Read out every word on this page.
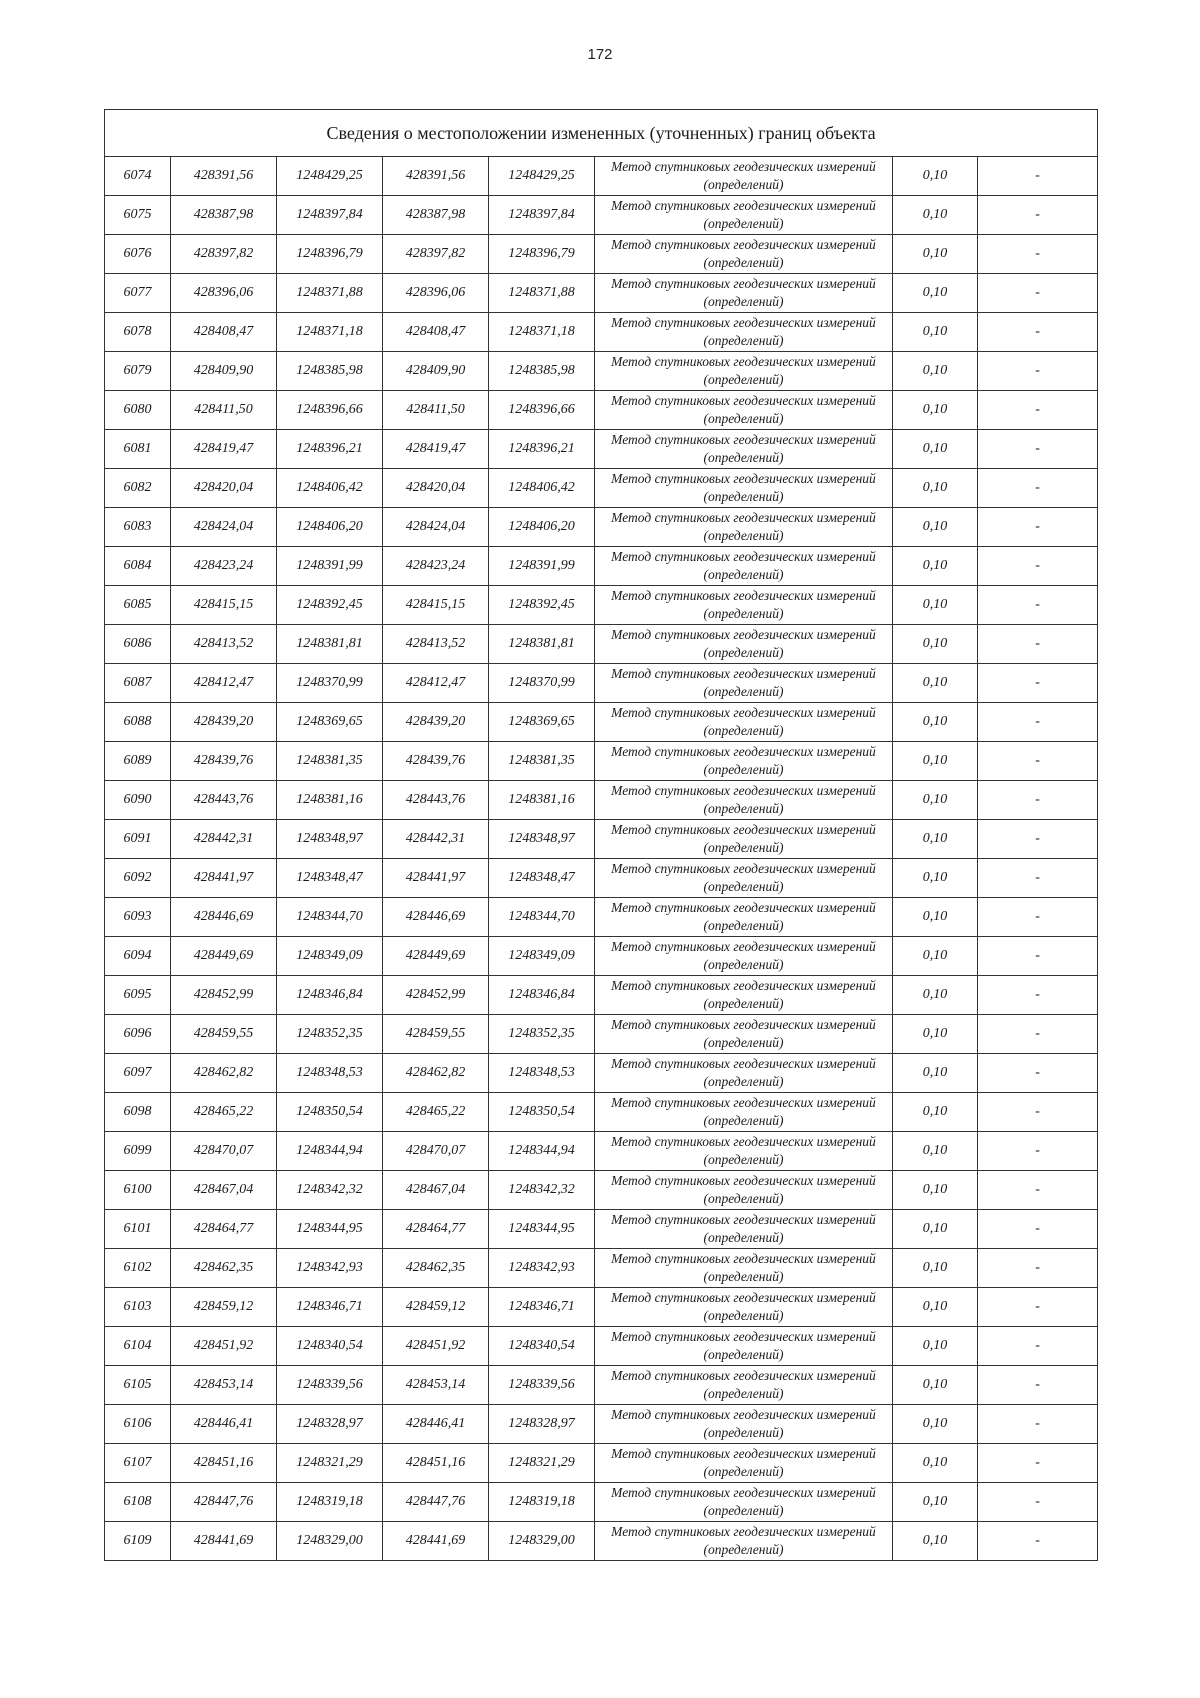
172
Сведения о местоположении измененных (уточненных) границ объекта							
6074	428391,56	1248429,25	428391,56	1248429,25	Метод спутниковых геодезических измерений (определений)	0,10	-
6075	428387,98	1248397,84	428387,98	1248397,84	Метод спутниковых геодезических измерений (определений)	0,10	-
6076	428397,82	1248396,79	428397,82	1248396,79	Метод спутниковых геодезических измерений (определений)	0,10	-
6077	428396,06	1248371,88	428396,06	1248371,88	Метод спутниковых геодезических измерений (определений)	0,10	-
6078	428408,47	1248371,18	428408,47	1248371,18	Метод спутниковых геодезических измерений (определений)	0,10	-
6079	428409,90	1248385,98	428409,90	1248385,98	Метод спутниковых геодезических измерений (определений)	0,10	-
6080	428411,50	1248396,66	428411,50	1248396,66	Метод спутниковых геодезических измерений (определений)	0,10	-
6081	428419,47	1248396,21	428419,47	1248396,21	Метод спутниковых геодезических измерений (определений)	0,10	-
6082	428420,04	1248406,42	428420,04	1248406,42	Метод спутниковых геодезических измерений (определений)	0,10	-
6083	428424,04	1248406,20	428424,04	1248406,20	Метод спутниковых геодезических измерений (определений)	0,10	-
6084	428423,24	1248391,99	428423,24	1248391,99	Метод спутниковых геодезических измерений (определений)	0,10	-
6085	428415,15	1248392,45	428415,15	1248392,45	Метод спутниковых геодезических измерений (определений)	0,10	-
6086	428413,52	1248381,81	428413,52	1248381,81	Метод спутниковых геодезических измерений (определений)	0,10	-
6087	428412,47	1248370,99	428412,47	1248370,99	Метод спутниковых геодезических измерений (определений)	0,10	-
6088	428439,20	1248369,65	428439,20	1248369,65	Метод спутниковых геодезических измерений (определений)	0,10	-
6089	428439,76	1248381,35	428439,76	1248381,35	Метод спутниковых геодезических измерений (определений)	0,10	-
6090	428443,76	1248381,16	428443,76	1248381,16	Метод спутниковых геодезических измерений (определений)	0,10	-
6091	428442,31	1248348,97	428442,31	1248348,97	Метод спутниковых геодезических измерений (определений)	0,10	-
6092	428441,97	1248348,47	428441,97	1248348,47	Метод спутниковых геодезических измерений (определений)	0,10	-
6093	428446,69	1248344,70	428446,69	1248344,70	Метод спутниковых геодезических измерений (определений)	0,10	-
6094	428449,69	1248349,09	428449,69	1248349,09	Метод спутниковых геодезических измерений (определений)	0,10	-
6095	428452,99	1248346,84	428452,99	1248346,84	Метод спутниковых геодезических измерений (определений)	0,10	-
6096	428459,55	1248352,35	428459,55	1248352,35	Метод спутниковых геодезических измерений (определений)	0,10	-
6097	428462,82	1248348,53	428462,82	1248348,53	Метод спутниковых геодезических измерений (определений)	0,10	-
6098	428465,22	1248350,54	428465,22	1248350,54	Метод спутниковых геодезических измерений (определений)	0,10	-
6099	428470,07	1248344,94	428470,07	1248344,94	Метод спутниковых геодезических измерений (определений)	0,10	-
6100	428467,04	1248342,32	428467,04	1248342,32	Метод спутниковых геодезических измерений (определений)	0,10	-
6101	428464,77	1248344,95	428464,77	1248344,95	Метод спутниковых геодезических измерений (определений)	0,10	-
6102	428462,35	1248342,93	428462,35	1248342,93	Метод спутниковых геодезических измерений (определений)	0,10	-
6103	428459,12	1248346,71	428459,12	1248346,71	Метод спутниковых геодезических измерений (определений)	0,10	-
6104	428451,92	1248340,54	428451,92	1248340,54	Метод спутниковых геодезических измерений (определений)	0,10	-
6105	428453,14	1248339,56	428453,14	1248339,56	Метод спутниковых геодезических измерений (определений)	0,10	-
6106	428446,41	1248328,97	428446,41	1248328,97	Метод спутниковых геодезических измерений (определений)	0,10	-
6107	428451,16	1248321,29	428451,16	1248321,29	Метод спутниковых геодезических измерений (определений)	0,10	-
6108	428447,76	1248319,18	428447,76	1248319,18	Метод спутниковых геодезических измерений (определений)	0,10	-
6109	428441,69	1248329,00	428441,69	1248329,00	Метод спутниковых геодезических измерений (определений)	0,10	-
